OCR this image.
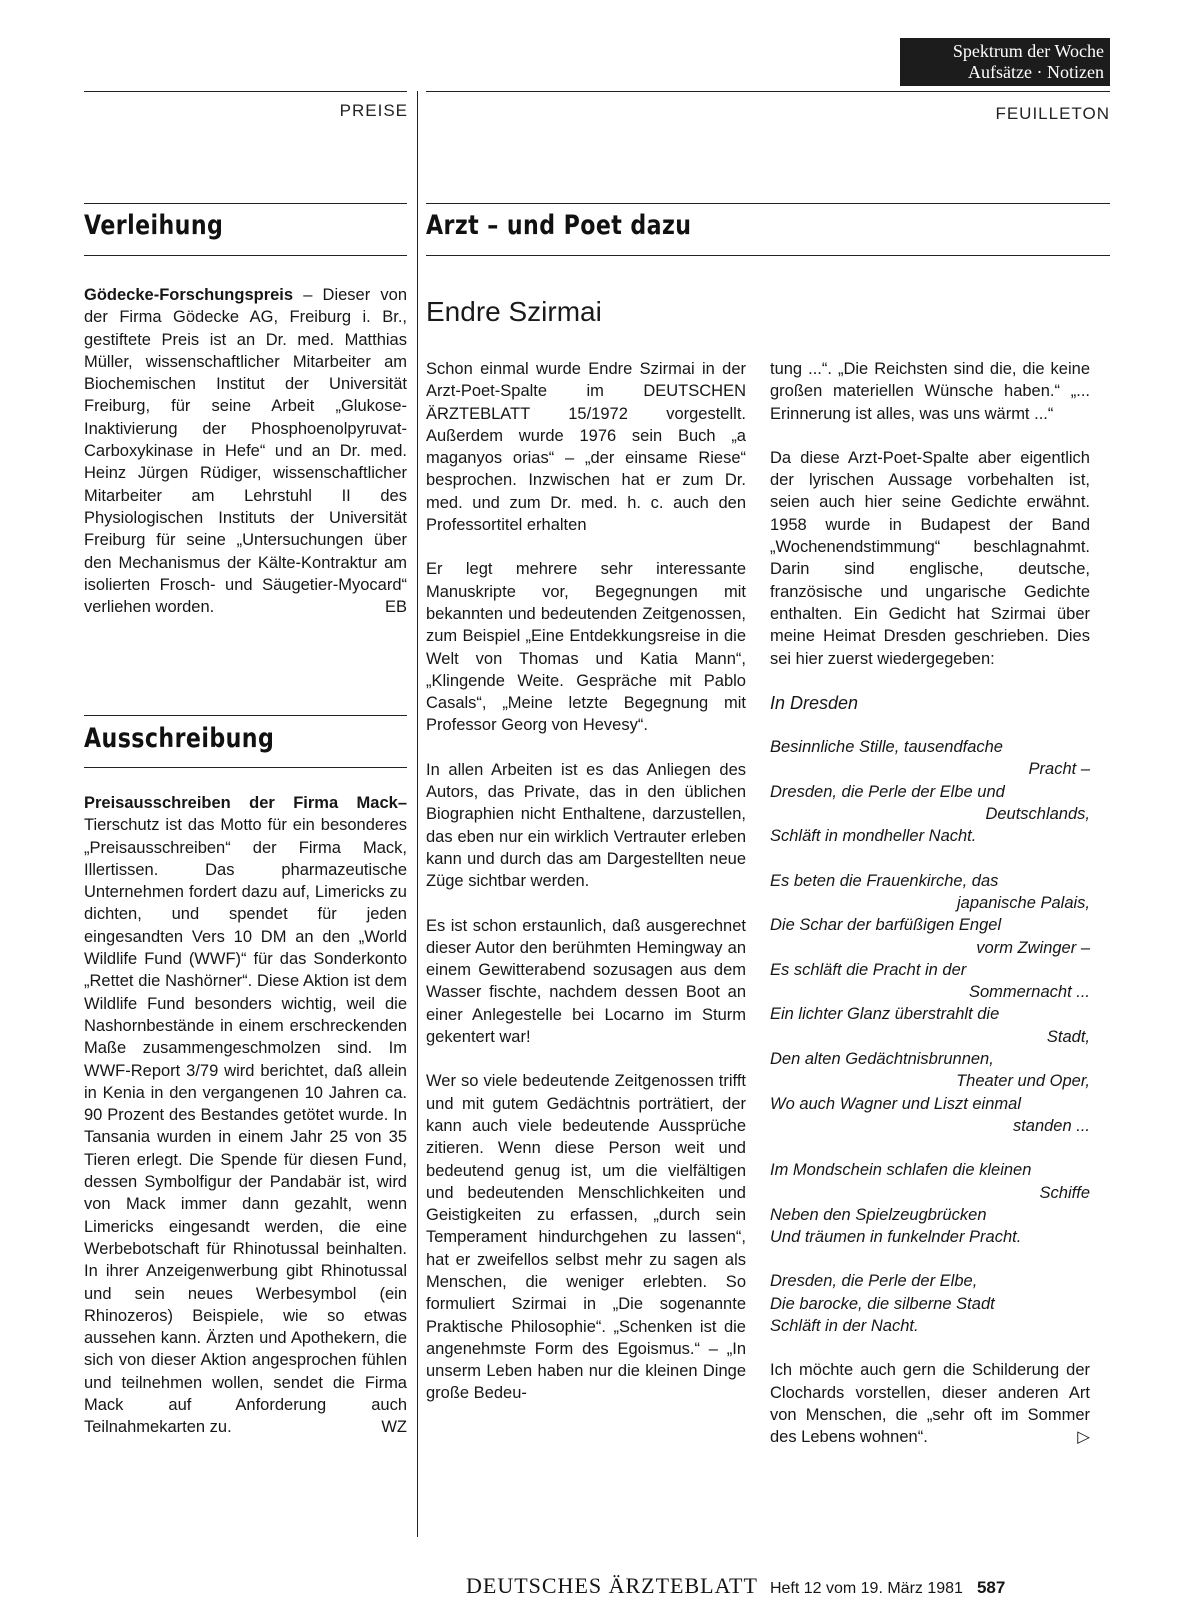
Spektrum der Woche
Aufsätze · Notizen
PREISE	FEUILLETON
Verleihung

Gödecke-Forschungspreis – Dieser von der Firma Gödecke AG, Freiburg i. Br., gestiftete Preis ist an Dr. med. Matthias Müller, wissenschaftlicher Mitarbeiter am Biochemischen Institut der Universität Freiburg, für seine Arbeit „Glukose-Inaktivierung der Phosphoenolpyruvat-Carboxykinase in Hefe“ und an Dr. med. Heinz Jürgen Rüdiger, wissenschaftlicher Mitarbeiter am Lehrstuhl II des Physiologischen Instituts der Universität Freiburg für seine „Untersuchungen über den Mechanismus der Kälte-Kontraktur am isolierten Frosch- und Säugetier-Myocard“ verliehen worden.	EB

Ausschreibung

Preisausschreiben der Firma Mack– Tierschutz ist das Motto für ein besonderes „Preisausschreiben“ der Firma Mack, Illertissen. Das pharmazeutische Unternehmen fordert dazu auf, Limericks zu dichten, und spendet für jeden eingesandten Vers 10 DM an den „World Wildlife Fund (WWF)“ für das Sonderkonto „Rettet die Nashörner“. Diese Aktion ist dem Wildlife Fund besonders wichtig, weil die Nashornbestände in einem erschreckenden Maße zusammengeschmolzen sind. Im WWF-Report 3/79 wird berichtet, daß allein in Kenia in den vergangenen 10 Jahren ca. 90 Prozent des Bestandes getötet wurde. In Tansania wurden in einem Jahr 25 von 35 Tieren erlegt. Die Spende für diesen Fund, dessen Symbolfigur der Pandabär ist, wird von Mack immer dann gezahlt, wenn Limericks eingesandt werden, die eine Werbebotschaft für Rhinotussal beinhalten. In ihrer Anzeigenwerbung gibt Rhinotussal und sein neues Werbesymbol (ein Rhinozeros) Beispiele, wie so etwas aussehen kann. Ärzten und Apothekern, die sich von dieser Aktion angesprochen fühlen und teilnehmen wollen, sendet die Firma Mack auf Anforderung auch Teilnahmekarten zu.	WZ

Arzt – und Poet dazu
Endre Szirmai

Schon einmal wurde Endre Szirmai in der Arzt-Poet-Spalte im DEUTSCHEN ÄRZTEBLATT 15/1972 vorgestellt. Außerdem wurde 1976 sein Buch „a maganyos orias“ – „der einsame Riese“ besprochen. Inzwischen hat er zum Dr. med. und zum Dr. med. h. c. auch den Professortitel erhalten

Er legt mehrere sehr interessante Manuskripte vor, Begegnungen mit bekannten und bedeutenden Zeitgenossen, zum Beispiel „Eine Entdekkungsreise in die Welt von Thomas und Katia Mann“, „Klingende Weite. Gespräche mit Pablo Casals“, „Meine letzte Begegnung mit Professor Georg von Hevesy“.

In allen Arbeiten ist es das Anliegen des Autors, das Private, das in den üblichen Biographien nicht Enthaltene, darzustellen, das eben nur ein wirklich Vertrauter erleben kann und durch das am Dargestellten neue Züge sichtbar werden.

Es ist schon erstaunlich, daß ausgerechnet dieser Autor den berühmten Hemingway an einem Gewitterabend sozusagen aus dem Wasser fischte, nachdem dessen Boot an einer Anlegestelle bei Locarno im Sturm gekentert war!

Wer so viele bedeutende Zeitgenossen trifft und mit gutem Gedächtnis porträtiert, der kann auch viele bedeutende Aussprüche zitieren. Wenn diese Person weit und bedeutend genug ist, um die vielfältigen und bedeutenden Menschlichkeiten und Geistigkeiten zu erfassen, „durch sein Temperament hindurchgehen zu lassen“, hat er zweifellos selbst mehr zu sagen als Menschen, die weniger erlebten. So formuliert Szirmai in „Die sogenannte Praktische Philosophie“. „Schenken ist die angenehmste Form des Egoismus.“ – „In unserm Leben haben nur die kleinen Dinge große Bedeu-

tung ...“. „Die Reichsten sind die, die keine großen materiellen Wünsche haben.“ „... Erinnerung ist alles, was uns wärmt ...“

Da diese Arzt-Poet-Spalte aber eigentlich der lyrischen Aussage vorbehalten ist, seien auch hier seine Gedichte erwähnt. 1958 wurde in Budapest der Band „Wochenendstimmung“ beschlagnahmt. Darin sind englische, deutsche, französische und ungarische Gedichte enthalten. Ein Gedicht hat Szirmai über meine Heimat Dresden geschrieben. Dies sei hier zuerst wiedergegeben:

In Dresden
Besinnliche Stille, tausendfache
Pracht –
Dresden, die Perle der Elbe und
Deutschlands,
Schläft in mondheller Nacht.
Es beten die Frauenkirche, das
japanische Palais,
Die Schar der barfüßigen Engel
vorm Zwinger –
Es schläft die Pracht in der
Sommernacht ...
Ein lichter Glanz überstrahlt die
Stadt,
Den alten Gedächtnisbrunnen,
Theater und Oper,
Wo auch Wagner und Liszt einmal
standen ...
Im Mondschein schlafen die kleinen
Schiffe
Neben den Spielzeugbrücken
Und träumen in funkelnder Pracht.
Dresden, die Perle der Elbe,
Die barocke, die silberne Stadt
Schläft in der Nacht.

Ich möchte auch gern die Schilderung der Clochards vorstellen, dieser anderen Art von Menschen, die „sehr oft im Sommer des Lebens wohnen“.	▷

DEUTSCHES ÄRZTEBLATT Heft 12 vom 19. März 1981 587
